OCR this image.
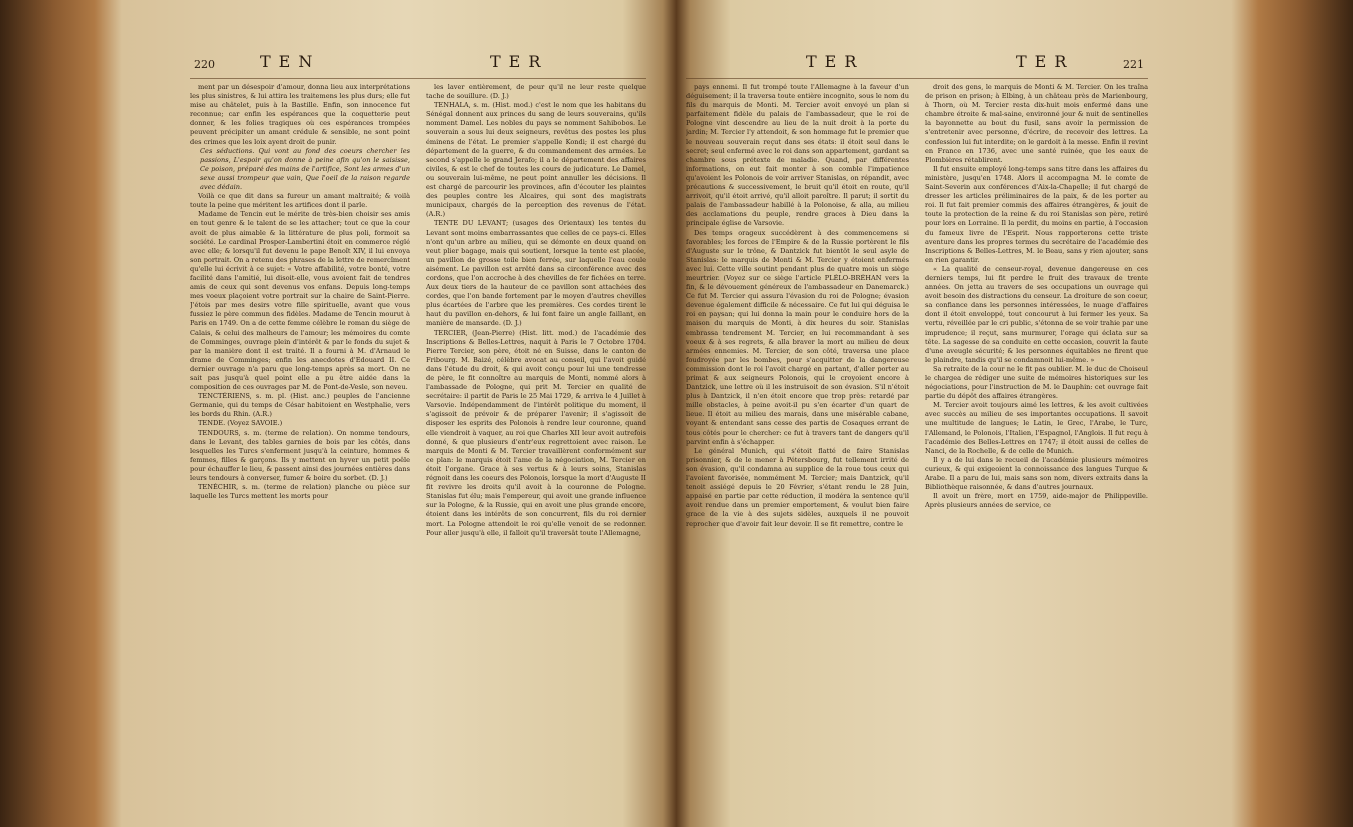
220	TEN	TER

ment par un désespoir d'amour, donna lieu aux interprétations les plus sinistres, & lui attira les traitemens les plus durs; elle fut mise au châtelet, puis à la Bastille. Enfin, son innocence fut reconnue; car enfin les espérances que la coquetterie peut donner, & les folies tragiques où ces espérances trompées peuvent précipiter un amant crédule & sensible, ne sont point des crimes que les loix ayent droit de punir.

Ces séductions. Qui vont au fond des coeurs chercher les passions, L'espoir qu'on donne à peine afin qu'on le saisisse, Ce poison, préparé des mains de l'artifice, Sont les armes d'un sexe aussi trompeur que vain, Que l'oeil de la raison regarde avec dédain.

Voilà ce que dit dans sa fureur un amant maltraité; & voilà toute la peine que méritent les artifices dont il parle.

Madame de Tencin eut le mérite de très-bien choisir ses amis en tout genre & le talent de se les attacher; tout ce que la cour avoit de plus aimable & la littérature de plus poli, formoit sa société. Le cardinal Prosper-Lambertini étoit en commerce réglé avec elle; & lorsqu'il fut devenu le pape Benoît XIV, il lui envoya son portrait. On a retenu des phrases de la lettre de remercîment qu'elle lui écrivit à ce sujet: « Votre affabilité, votre bonté, votre facilité dans l'amitié, lui disoit-elle, vous avoient fait de tendres amis de ceux qui sont devenus vos enfans. Depuis long-temps mes voeux plaçoient votre portrait sur la chaire de Saint-Pierre. J'étois par mes desirs votre fille spirituelle, avant que vous fussiez le père commun des fidèles. Madame de Tencin mourut à Paris en 1749. On a de cette femme célèbre le roman du siège de Calais, & celui des malheurs de l'amour; les mémoires du comte de Comminges, ouvrage plein d'intérêt & par le fonds du sujet & par la manière dont il est traité. Il a fourni à M. d'Arnaud le drame de Comminges; enfin les anecdotes d'Edouard II. Ce dernier ouvrage n'a paru que long-temps après sa mort. On ne sait pas jusqu'à quel point elle a pu être aidée dans la composition de ces ouvrages par M. de Pont-de-Vesle, son neveu.

TENCTÉRIENS, s. m. pl. (Hist. anc.) peuples de l'ancienne Germanie, qui du temps de César habitoient en Westphalie, vers les bords du Rhin. (A.R.)

TENDE. (Voyez SAVOIE.)

TENDOURS, s. m. (terme de relation). On nomme tendours, dans le Levant, des tables garnies de bois par les côtés, dans lesquelles les Turcs s'enferment jusqu'à la ceinture, hommes & femmes, filles & garçons. Ils y mettent en hyver un petit poêle pour échauffer le lieu, & passent ainsi des journées entières dans leurs tendours à converser, fumer & boire du sorbet. (D. J.)

TENÉCHIR, s. m. (terme de relation) planche ou pièce sur laquelle les Turcs mettent les morts pour

les laver entièrement, de peur qu'il ne leur reste quelque tache de souillure. (D. J.)

TENHALA, s. m. (Hist. mod.) c'est le nom que les habitans du Sénégal donnent aux princes du sang de leurs souverains, qu'ils nomment Damel. Les nobles du pays se nomment Sahibobos. Le souverain a sous lui deux seigneurs, revêtus des postes les plus éminens de l'état. Le premier s'appelle Kondi; il est chargé du département de la guerre, & du commandement des armées. Le second s'appelle le grand Jerafo; il a le département des affaires civiles, & est le chef de toutes les cours de judicature. Le Damel, ou souverain lui-même, ne peut point annuller les décisions. Il est chargé de parcourir les provinces, afin d'écouter les plaintes des peuples contre les Alcaires, qui sont des magistrats municipaux, chargés de la perception des revenus de l'état. (A.R.)

TENTE DU LEVANT; (usages des Orientaux) les tentes du Levant sont moins embarrassantes que celles de ce pays-ci. Elles n'ont qu'un arbre au milieu, qui se démonte en deux quand on veut plier bagage, mais qui soutient, lorsque la tente est placée, un pavillon de grosse toile bien ferrée, sur laquelle l'eau coule aisément. Le pavillon est arrêté dans sa circonférence avec des cordons, que l'on accroche à des chevilles de fer fichées en terre. Aux deux tiers de la hauteur de ce pavillon sont attachées des cordes, que l'on bande fortement par le moyen d'autres chevilles plus écartées de l'arbre que les premières. Ces cordes tirent le haut du pavillon en-dehors, & lui font faire un angle faillant, en manière de mansarde. (D. J.)

TERCIER, (Jean-Pierre) (Hist. litt. mod.) de l'académie des Inscriptions & Belles-Lettres, naquit à Paris le 7 Octobre 1704. Pierre Tercier, son père, étoit né en Suisse, dans le canton de Fribourg. M. Baizé, célèbre avocat au conseil, qui l'avoit guidé dans l'étude du droit, & qui avoit conçu pour lui une tendresse de père, le fit connoître au marquis de Monti, nommé alors à l'ambassade de Pologne, qui prit M. Tercier en qualité de secrétaire: il partit de Paris le 25 Mai 1729, & arriva le 4 Juillet à Varsovie. Indépendamment de l'intérêt politique du moment, il s'agissoit de prévoir & de préparer l'avenir; il s'agissoit de disposer les esprits des Polonois à rendre leur couronne, quand elle viendroit à vaquer, au roi que Charles XII leur avoit autrefois donné, & que plusieurs d'entr'eux regrettoient avec raison. Le marquis de Monti & M. Tercier travaillèrent conformément sur ce plan: le marquis étoit l'ame de la négociation, M. Tercier en étoit l'organe. Grace à ses vertus & à leurs soins, Stanislas régnoit dans les coeurs des Polonois, lorsque la mort d'Auguste II fit revivre les droits qu'il avoit à la couronne de Pologne. Stanislas fut élu; mais l'empereur, qui avoit une grande influence sur la Pologne, & la Russie, qui en avoit une plus grande encore, étoient dans les intérêts de son concurrent, fils du roi dernier mort. La Pologne attendoit le roi qu'elle venoit de se redonner. Pour aller jusqu'à elle, il falloit qu'il traversât toute l'Allemagne,

TER	TER	221

pays ennemi. Il fut trompé toute l'Allemagne à la faveur d'un déguisement; il la traversa toute entière incognito, sous le nom du fils du marquis de Monti. M. Tercier avoit envoyé un plan si parfaitement fidèle du palais de l'ambassadeur, que le roi de Pologne vint descendre au lieu de la nuit droit à la porte du jardin; M. Tercier l'y attendoit, & son hommage fut le premier que le nouveau souverain reçut dans ses états: il étoit seul dans le secret; seul enfermé avec le roi dans son appartement, gardant sa chambre sous prétexte de maladie. Quand, par différentes informations, on eut fait monter à son comble l'impatience qu'avoient les Polonois de voir arriver Stanislas, on répandit, avec précautions & successivement, le bruit qu'il étoit en route, qu'il arrivoit, qu'il étoit arrivé, qu'il alloit paroître. Il parut; il sortit du palais de l'ambassadeur habillé à la Polonoise, & alla, au milieu des acclamations du peuple, rendre graces à Dieu dans la principale église de Varsovie.

Des temps orageux succédèrent à des commencemens si favorables; les forces de l'Empire & de la Russie portèrent le fils d'Auguste sur le trône, & Dantzick fut bientôt le seul asyle de Stanislas: le marquis de Monti & M. Tercier y étoient enfermés avec lui. Cette ville soutint pendant plus de quatre mois un siège meurtrier. (Voyez sur ce siège l'article PLÉLO-BRÉHAN vers la fin, & le dévouement généreux de l'ambassadeur en Danemarck.) Ce fut M. Tercier qui assura l'évasion du roi de Pologne; évasion devenue également difficile & nécessaire. Ce fut lui qui déguisa le roi en paysan; qui lui donna la main pour le conduire hors de la maison du marquis de Monti, à dix heures du soir. Stanislas embrassa tendrement M. Tercier, en lui recommandant à ses voeux & à ses regrets, & alla braver la mort au milieu de deux armées ennemies. M. Tercier, de son côté, traversa une place foudroyée par les bombes, pour s'acquitter de la dangereuse commission dont le roi l'avoit chargé en partant, d'aller porter au primat & aux seigneurs Polonois, qui le croyoient encore à Dantzick, une lettre où il les instruisoit de son évasion. S'il n'étoit plus à Dantzick, il n'en étoit encore que trop près: retardé par mille obstacles, à peine avoit-il pu s'en écarter d'un quart de lieue. Il étoit au milieu des marais, dans une misérable cabane, voyant & entendant sans cesse des partis de Cosaques errant de tous côtés pour le chercher: ce fut à travers tant de dangers qu'il parvint enfin à s'échapper.

Le général Munich, qui s'étoit flatté de faire Stanislas prisonnier, & de le mener à Pétersbourg, fut tellement irrité de son évasion, qu'il condamna au supplice de la roue tous ceux qui l'avoient favorisée, nommément M. Tercier; mais Dantzick, qu'il tenoit assiégé depuis le 20 Février, s'étant rendu le 28 Juin, appaisé en partie par cette réduction, il modéra la sentence qu'il avoit rendue dans un premier emportement, & voulut bien faire grace de la vie à des sujets sidèles, auxquels il ne pouvoit reprocher que d'avoir fait leur devoir. Il se fit remettre, contre le

droit des gens, le marquis de Monti & M. Tercier. On les traîna de prison en prison; à Elbing, à un château près de Marienbourg, à Thorn, où M. Tercier resta dix-huit mois enfermé dans une chambre étroite & mal-saine, environné jour & nuit de sentinelles la bayonnette au bout du fusil, sans avoir la permission de s'entretenir avec personne, d'écrire, de recevoir des lettres. La confession lui fut interdite; on le gardoit à la messe. Enfin il revint en France en 1736, avec une santé ruinée, que les eaux de Plombières rétablirent.

Il fut ensuite employé long-temps sans titre dans les affaires du ministère, jusqu'en 1748. Alors il accompagna M. le comte de Saint-Severin aux conférences d'Aix-la-Chapelle; il fut chargé de dresser les articles préliminaires de la paix, & de les porter au roi. Il fut fait premier commis des affaires étrangères, & jouit de toute la protection de la reine & du roi Stanislas son père, retiré pour lors en Lorraine. Il la perdit, du moins en partie, à l'occasion du fameux livre de l'Esprit. Nous rapporterons cette triste aventure dans les propres termes du secrétaire de l'académie des Inscriptions & Belles-Lettres, M. le Beau, sans y rien ajouter, sans en rien garantir.

« La qualité de censeur-royal, devenue dangereuse en ces derniers temps, lui fit perdre le fruit des travaux de trente années. On jetta au travers de ses occupations un ouvrage qui avoit besoin des distractions du censeur. La droiture de son coeur, sa confiance dans les personnes intéressées, le nuage d'affaires dont il étoit enveloppé, tout concourut à lui fermer les yeux. Sa vertu, réveillée par le cri public, s'étonna de se voir trahie par une imprudence; il reçut, sans murmurer, l'orage qui éclata sur sa tête. La sagesse de sa conduite en cette occasion, couvrit la faute d'une aveugle sécurité; & les personnes équitables ne firent que le plaindre, tandis qu'il se condamnoit lui-même. »

Sa retraite de la cour ne le fit pas oublier. M. le duc de Choiseul le chargea de rédiger une suite de mémoires historiques sur les négociations, pour l'instruction de M. le Dauphin: cet ouvrage fait partie du dépôt des affaires étrangères.

M. Tercier avoit toujours aimé les lettres, & les avoit cultivées avec succès au milieu de ses importantes occupations. Il savoit une multitude de langues; le Latin, le Grec, l'Arabe, le Turc, l'Allemand, le Polonois, l'Italien, l'Espagnol, l'Anglois. Il fut reçu à l'académie des Belles-Lettres en 1747; il étoit aussi de celles de Nanci, de la Rochelle, & de celle de Munich.

Il y a de lui dans le recueil de l'académie plusieurs mémoires curieux, & qui exigeoient la connoissance des langues Turque & Arabe. Il a paru de lui, mais sans son nom, divers extraits dans la Bibliothèque raisonnée, & dans d'autres journaux.

Il avoit un frère, mort en 1759, aide-major de Philippeville. Après plusieurs années de service, ce
